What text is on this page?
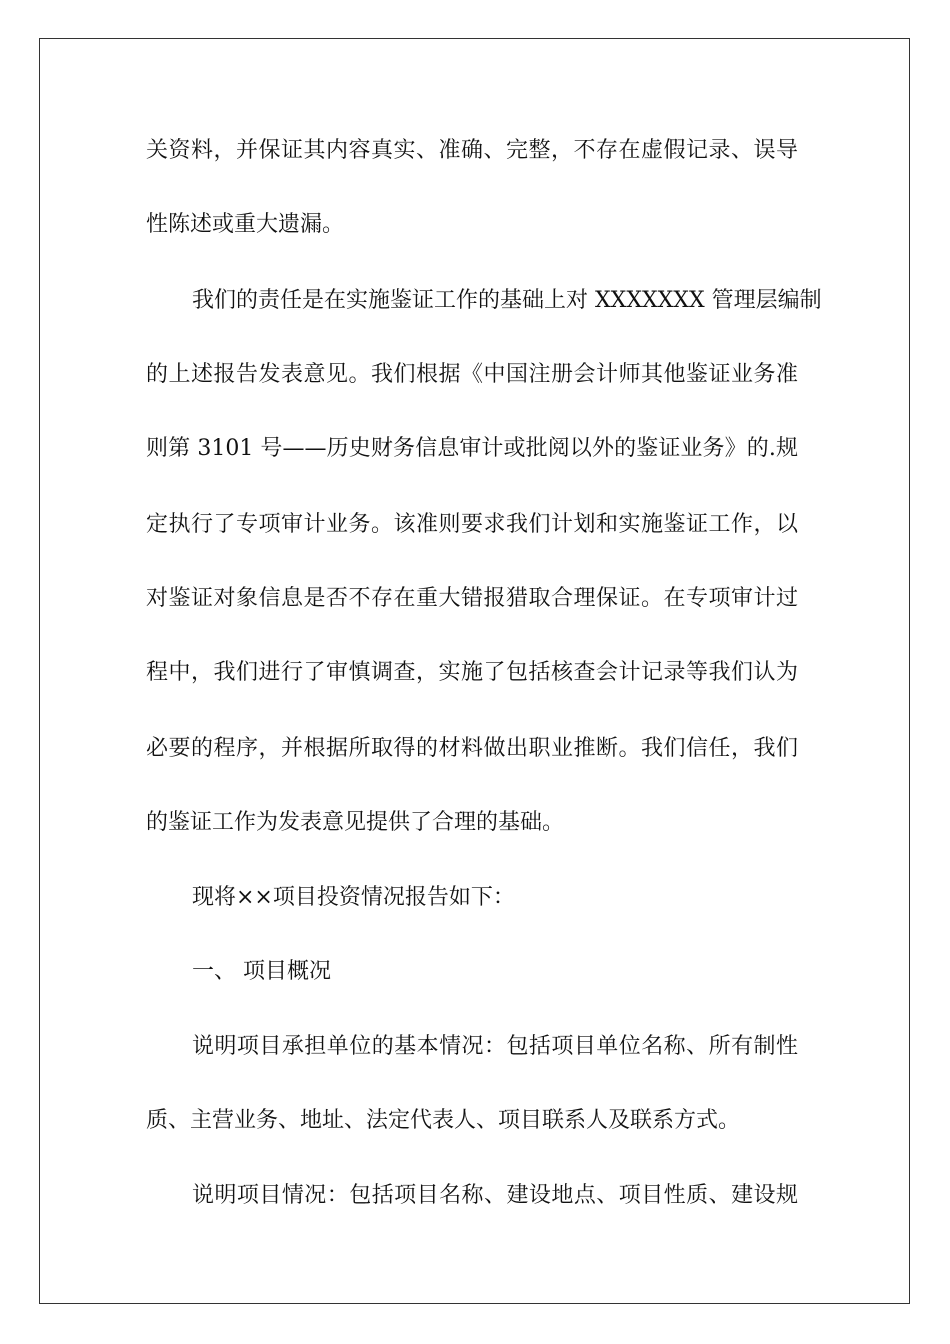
关资料，并保证其内容真实、准确、完整，不存在虚假记录、误导
性陈述或重大遗漏。
我们的责任是在实施鉴证工作的基础上对 XXXXXXX 管理层编制
的上述报告发表意见。我们根据《中国注册会计师其他鉴证业务准
则第 3101 号——历史财务信息审计或批阅以外的鉴证业务》的.规
定执行了专项审计业务。该准则要求我们计划和实施鉴证工作，以
对鉴证对象信息是否不存在重大错报猎取合理保证。在专项审计过
程中，我们进行了审慎调查，实施了包括核查会计记录等我们认为
必要的程序，并根据所取得的材料做出职业推断。我们信任，我们
的鉴证工作为发表意见提供了合理的基础。
现将××项目投资情况报告如下：
一、 项目概况
说明项目承担单位的基本情况：包括项目单位名称、所有制性
质、主营业务、地址、法定代表人、项目联系人及联系方式。
说明项目情况：包括项目名称、建设地点、项目性质、建设规
